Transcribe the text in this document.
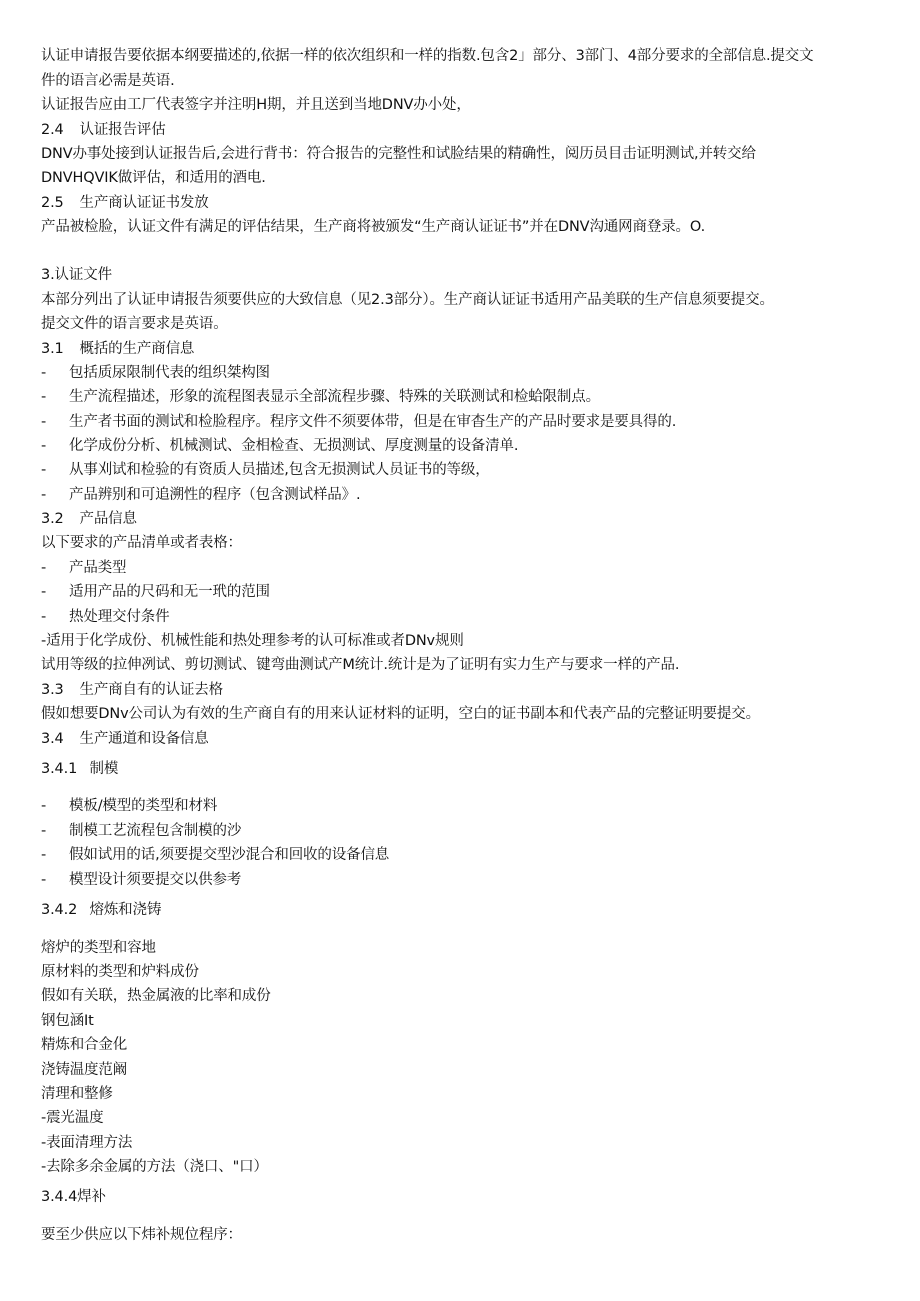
认证申请报告要依据本纲要描述的,依据一样的依次组织和一样的指数.包含2」部分、3部门、4部分要求的全部信息.提交文
件的语言必需是英语.
认证报告应由工厂代表签字并注明H期，并且送到当地DNV办小处，
2.4 认证报告评估
DNV办事处接到认证报告后,会进行背书：符合报告的完整性和试脸结果的精确性，阅历员目击证明测试,并转交给
DNVHQVIK做评估，和适用的酒电.
2.5 生产商认证证书发放
产品被检脸，认证文件有满足的评估结果，生产商将被颁发“生产商认证证书”并在DNV沟通网商登录。O.
3.认证文件
本部分列出了认证申请报告须要供应的大致信息（见2.3部分）。生产商认证证书适用产品美联的生产信息须要提交。
提交文件的语言要求是英语。
3.1 概括的生产商信息
- 包括质尿限制代表的组织桀构图
- 生产流程描述，形象的流程图表显示全部流程步骤、特殊的关联测试和检蛤限制点。
- 生产者书面的测试和检脸程序。程序文件不须要体带，但是在审杳生产的产品时要求是要具得的.
- 化学成份分析、机械测试、金相检查、无损测试、厚度测量的设备清单.
- 从事刈试和检验的有资质人员描述,包含无损测试人员证书的等级，
- 产品辨别和可追溯性的程序（包含测试样品》.
3.2 产品信息
以下要求的产品清单或者表格：
- 产品类型
- 适用产品的尺码和无一玳的范围
- 热处理交付条件
-适用于化学成份、机械性能和热处理参考的认可标准或者DNv规则
试用等级的拉伸冽试、剪切测试、键弯曲测试产M统计.统计是为了证明有实力生产与要求一样的产品.
3.3 生产商自有的认证去格
假如想要DNv公司认为有效的生产商自有的用来认证材料的证明，空白的证书副本和代表产品的完整证明要提交。
3.4 生产通道和设备信息
3.4.1 制模
- 模板/模型的类型和材料
- 制模工艺流程包含制模的沙
- 假如试用的话,须要提交型沙混合和回收的设备信息
- 模型设计须要提交以供参考
3.4.2 熔炼和浇铸
熔炉的类型和容地
原材料的类型和炉料成份
假如有关联，热金属液的比率和成份
钢包涵It
精炼和合金化
浇铸温度范阚
清理和整修
-震光温度
-表面清理方法
-去除多余金属的方法（浇口、"口）
3.4.4焊补
要至少供应以下炜补规位程序：
